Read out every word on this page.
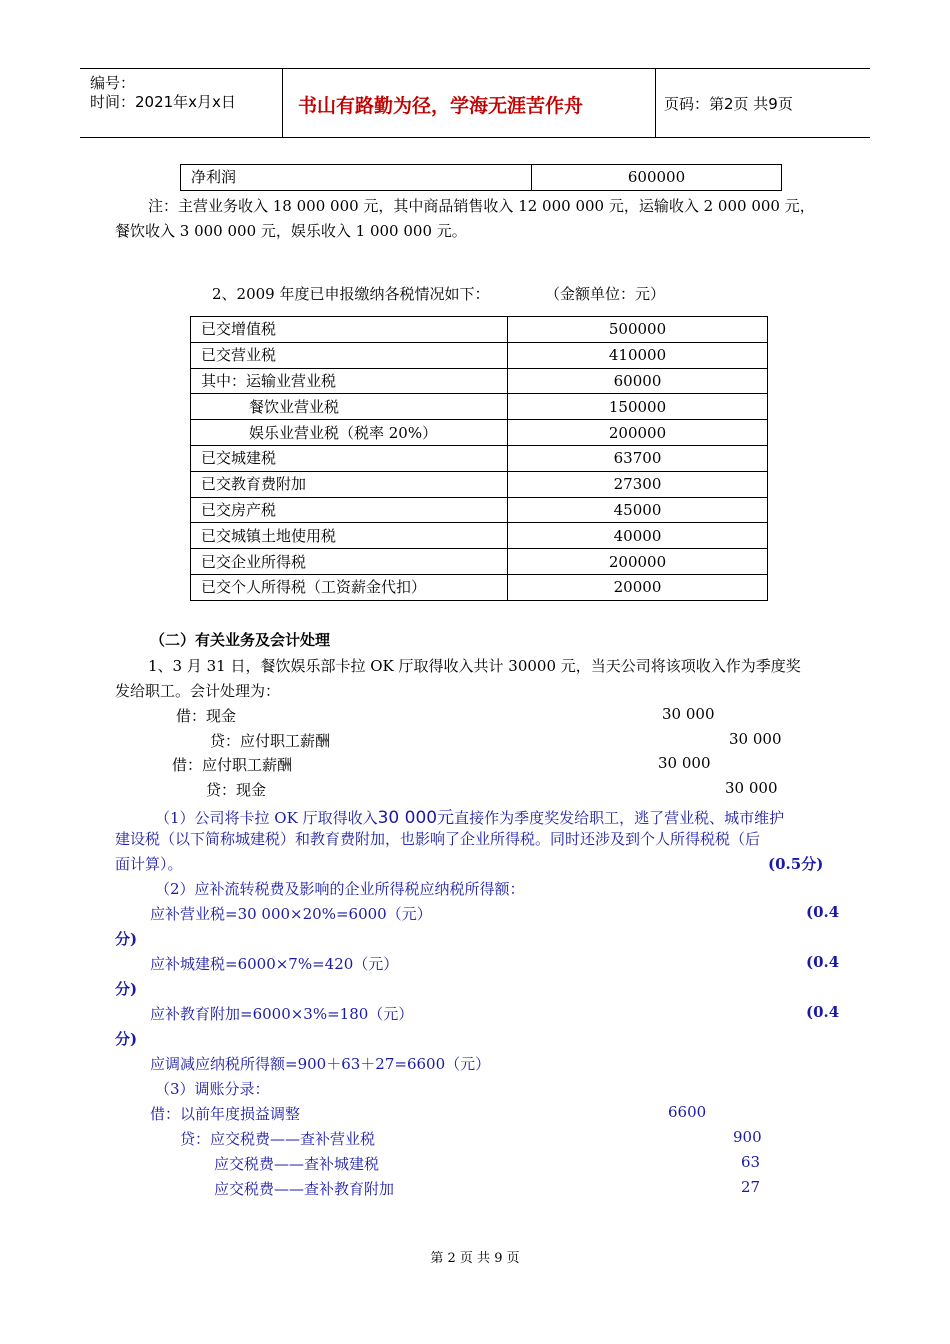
编号：
时间：2021年x月x日	书山有路勤为径，学海无涯苦作舟	页码：第2页 共9页
净利润	600000
注：主营业务收入 18 000 000 元，其中商品销售收入 12 000 000 元，运输收入 2 000 000 元，
餐饮收入 3 000 000 元，娱乐收入 1 000 000 元。
2、2009 年度已申报缴纳各税情况如下：	（金额单位：元）
已交增值税	500000
已交营业税	410000
其中：运输业营业税	60000
餐饮业营业税	150000
娱乐业营业税（税率 20%）	200000
已交城建税	63700
已交教育费附加	27300
已交房产税	45000
已交城镇土地使用税	40000
已交企业所得税	200000
已交个人所得税（工资薪金代扣）	20000
（二）有关业务及会计处理
1、3 月 31 日，餐饮娱乐部卡拉 OK 厅取得收入共计 30000 元，当天公司将该项收入作为季度奖
发给职工。会计处理为：
借：现金	30 000
贷：应付职工薪酬	30 000
借：应付职工薪酬	30 000
贷：现金	30 000
（1）公司将卡拉 OK 厅取得收入30 000元直接作为季度奖发给职工，逃了营业税、城市维护
建设税（以下简称城建税）和教育费附加，也影响了企业所得税。同时还涉及到个人所得税税（后
面计算）。	(0.5分)
（2）应补流转税费及影响的企业所得税应纳税所得额：
应补营业税=30 000×20%=6000（元）	(0.4
分)
应补城建税=6000×7%=420（元）	(0.4
分)
应补教育附加=6000×3%=180（元）	(0.4
分)
应调减应纳税所得额=900＋63＋27=6600（元）
（3）调账分录：
借：以前年度损益调整	6600
贷：应交税费——查补营业税	900
应交税费——查补城建税	63
应交税费——查补教育附加	27
第 2 页 共 9 页
